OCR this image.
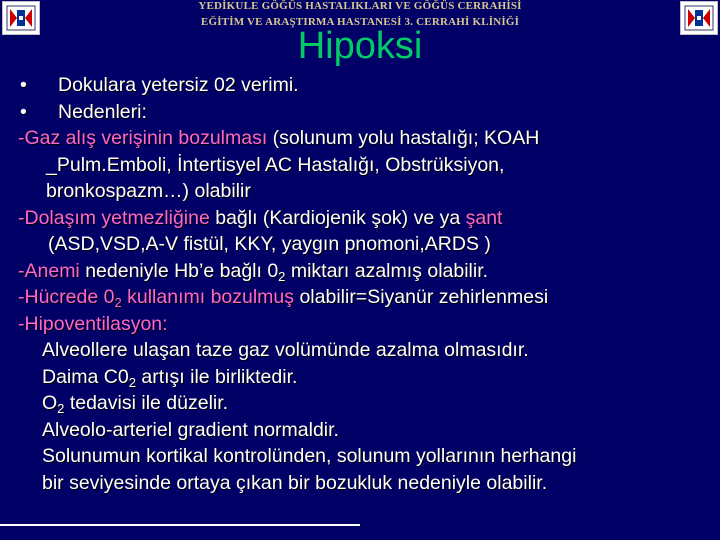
YEDİKULE GÖĞÜS HASTALIKLARI VE GÖĞÜS CERRAHİSİ
EĞİTİM VE ARAŞTIRMA HASTANESİ 3. CERRAHİ KLİNİĞİ
Hipoksi
• Dokulara yetersiz 02 verimi.
• Nedenleri:
-Gaz alış verişinin bozulması (solunum yolu hastalığı; KOAH
_Pulm.Emboli, İntertisyel AC Hastalığı, Obstrüksiyon,
bronkospazm…) olabilir
-Dolaşım yetmezliğine bağlı (Kardiojenik şok) ve ya şant
(ASD,VSD,A-V fistül, KKY, yaygın pnomoni,ARDS )
-Anemi nedeniyle Hb’e bağlı $0_2$ miktarı azalmış olabilir.
-Hücrede $0_2$ kullanımı bozulmuş olabilir=Siyanür zehirlenmesi
-Hipoventilasyon:
Alveollere ulaşan taze gaz volümünde azalma olmasıdır.
Daima $C0_2$ artışı ile birliktedir.
$O_2$ tedavisi ile düzelir.
Alveolo-arteriel gradient normaldir.
Solunumun kortikal kontrolünden, solunum yollarının herhangi
bir seviyesinde ortaya çıkan bir bozukluk nedeniyle olabilir.
